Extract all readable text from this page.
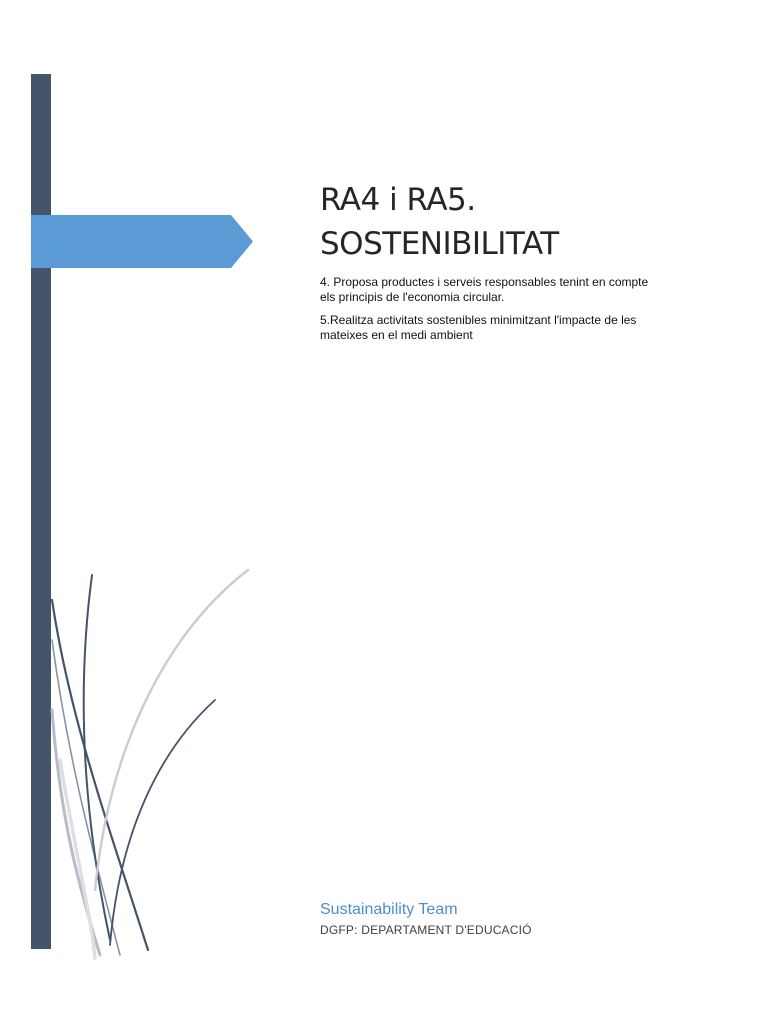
RA4 i RA5.
SOSTENIBILITAT

4. Proposa productes i serveis responsables tenint en compte els principis de l'economia circular.

5.Realitza activitats sostenibles minimitzant l'impacte de les mateixes en el medi ambient

Sustainability Team

DGFP: DEPARTAMENT D'EDUCACIÓ
